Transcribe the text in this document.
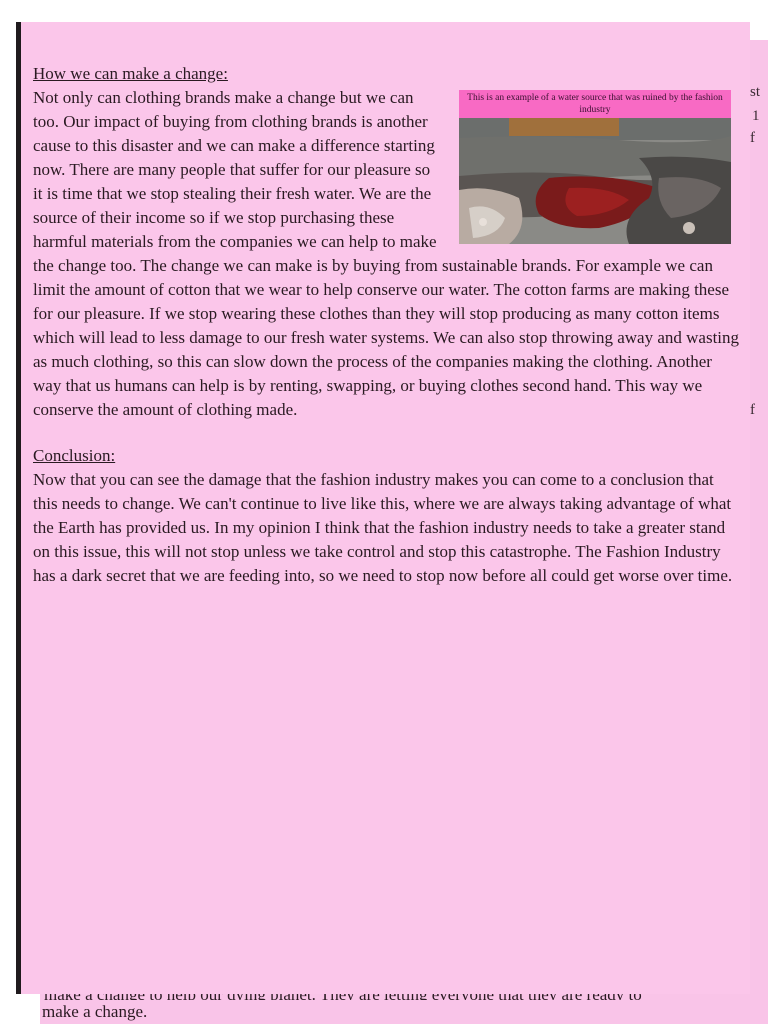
st
1
f
f
make a change.
How we can make a change:
This is an example of a water source that was ruined by the fashion industry

Not only can clothing brands make a change but we can too. Our impact of buying from clothing brands is another cause to this disaster and we can make a difference starting now. There are many people that suffer for our pleasure so it is time that we stop stealing their fresh water. We are the source of their income so if we stop purchasing these harmful materials from the companies we can help to make the change too. The change we can make is by buying from sustainable brands. For example we can limit the amount of cotton that we wear to help conserve our water. The cotton farms are making these for our pleasure. If we stop wearing these clothes than they will stop producing as many cotton items which will lead to less damage to our fresh water systems. We can also stop throwing away and wasting as much clothing, so this can slow down the process of the companies making the clothing. Another way that us humans can help is by renting, swapping, or buying clothes second hand. This way we conserve the amount of clothing made.

Conclusion:

Now that you can see the damage that the fashion industry makes you can come to a conclusion that this needs to change. We can't continue to live like this, where we are always taking advantage of what the Earth has provided us. In my opinion I think that the fashion industry needs to take a greater stand on this issue, this will not stop unless we take control and stop this catastrophe. The Fashion Industry has a dark secret that we are feeding into, so we need to stop now before all could get worse over time.
